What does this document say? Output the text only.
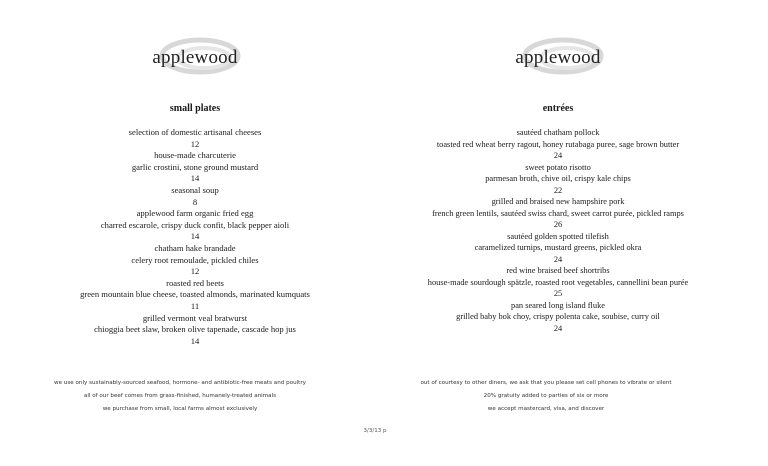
applewood
small plates
selection of domestic artisanal cheeses
12
house-made charcuterie
garlic crostini, stone ground mustard
14
seasonal soup
8
applewood farm organic fried egg
charred escarole, crispy duck confit, black pepper aioli
14
chatham hake brandade
celery root remoulade, pickled chiles
12
roasted red beets
green mountain blue cheese, toasted almonds, marinated kumquats
11
grilled vermont veal bratwurst
chioggia beet slaw, broken olive tapenade, cascade hop jus
14
applewood
entrées
sautéed chatham pollock
toasted red wheat berry ragout, honey rutabaga puree, sage brown butter
24
sweet potato risotto
parmesan broth, chive oil, crispy kale chips
22
grilled and braised new hampshire pork
french green lentils, sautéed swiss chard, sweet carrot purée, pickled ramps
26
sautéed golden spotted tilefish
caramelized turnips, mustard greens, pickled okra
24
red wine braised beef shortribs
house-made sourdough spätzle, roasted root vegetables, cannellini bean purée
25
pan seared long island fluke
grilled baby bok choy, crispy polenta cake, soubise, curry oil
24
we use only sustainably-sourced seafood, hormone- and antibiotic-free meats and poultry
all of our beef comes from grass-finished, humanely-treated animals
we purchase from small, local farms almost exclusively
out of courtesy to other diners, we ask that you please set cell phones to vibrate or silent
20% gratuity added to parties of six or more
we accept mastercard, visa, and discover
3/3/13 p
